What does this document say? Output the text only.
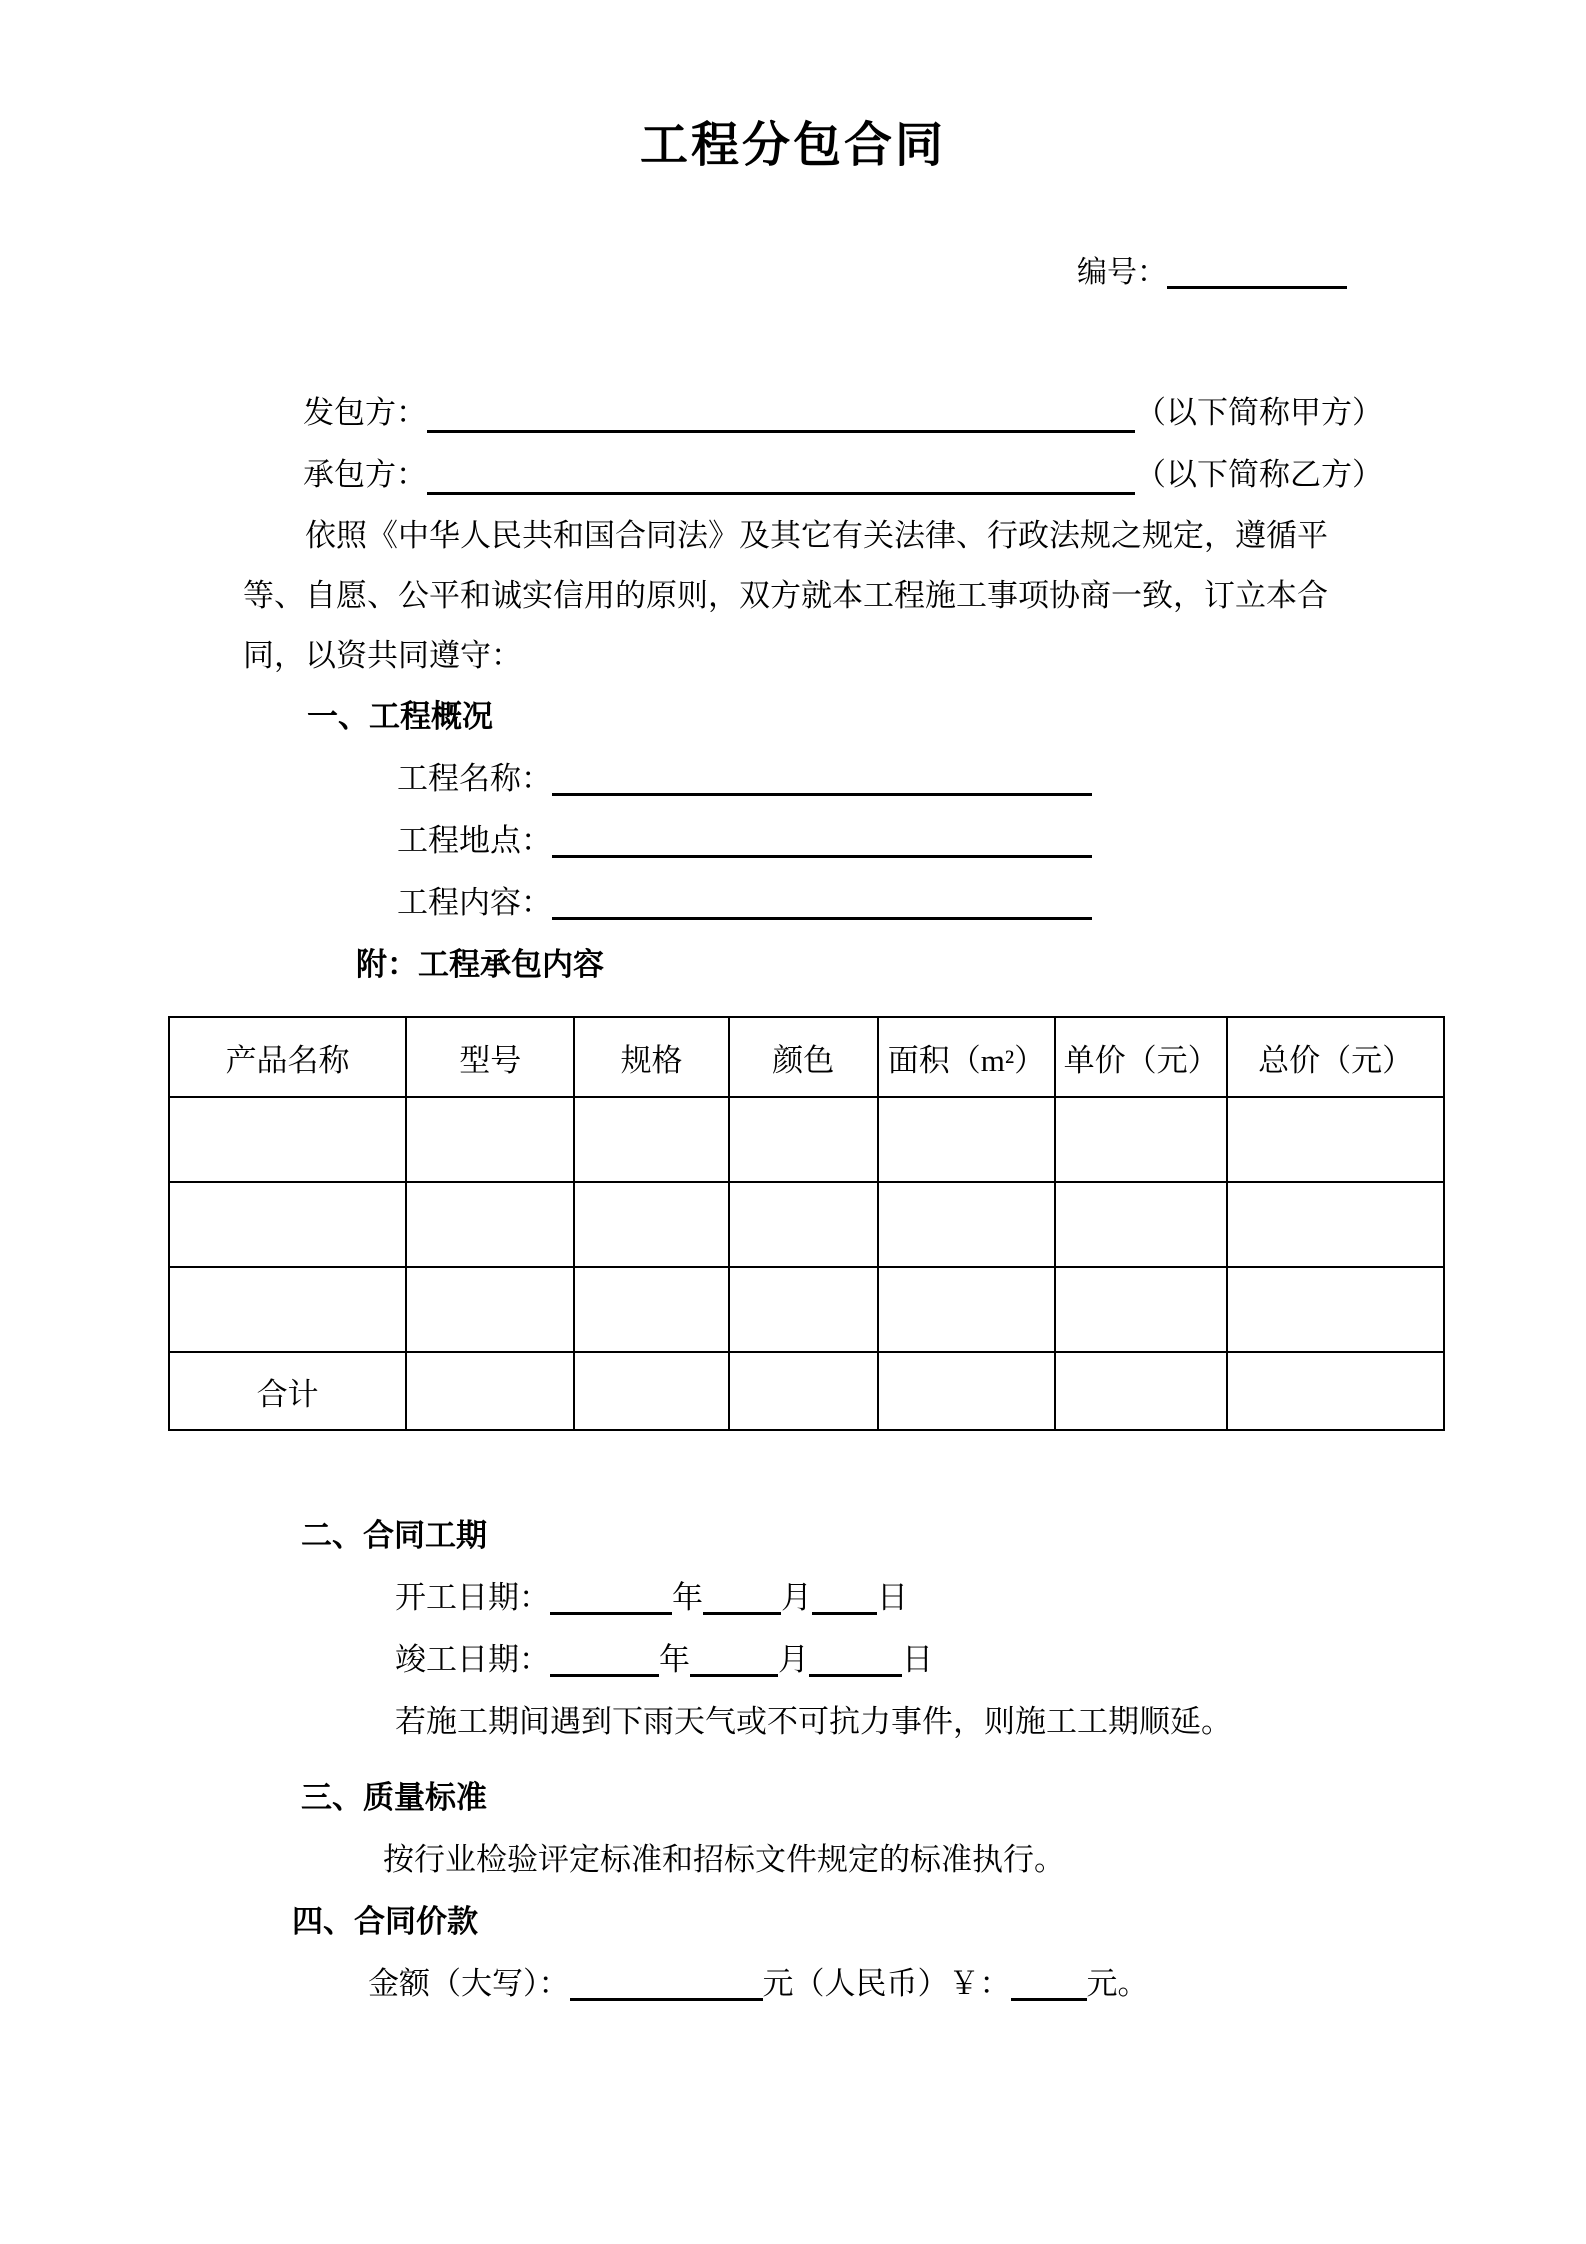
工程分包合同
编号：
发包方：	（以下简称甲方）
承包方：	（以下简称乙方）
依照《中华人民共和国合同法》及其它有关法律、行政法规之规定，遵循平
等、自愿、公平和诚实信用的原则，双方就本工程施工事项协商一致，订立本合
同，以资共同遵守：
一、工程概况
工程名称：
工程地点：
工程内容：
附：工程承包内容
产品名称	型号	规格	颜色	面积（m²）	单价（元）	总价（元）

合计						
二、合同工期
开工日期：	年	月 日
竣工日期：	年	月	日
若施工期间遇到下雨天气或不可抗力事件，则施工工期顺延。
三、质量标准
按行业检验评定标准和招标文件规定的标准执行。
四、合同价款
金额（大写）：	元（人民币）￥： 元。
